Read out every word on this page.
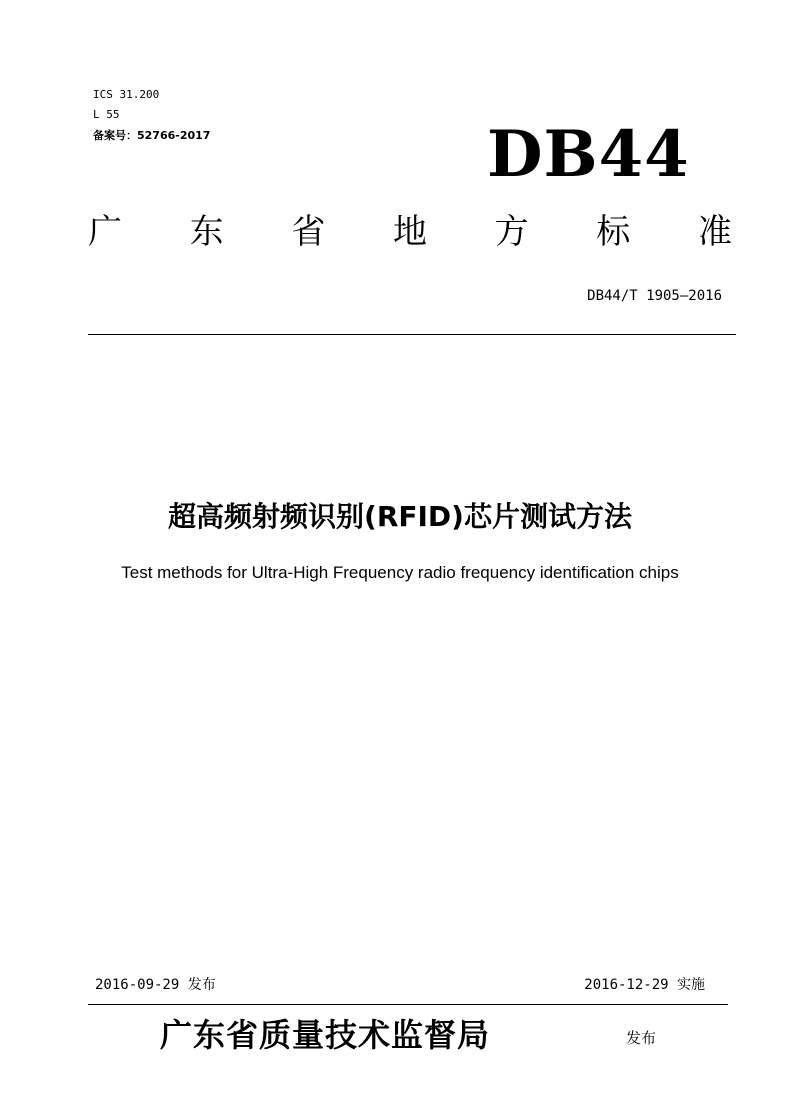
ICS 31.200
L 55
备案号：52766-2017	DB44
广 东 省 地 方 标 准
DB44/T 1905—2016
超高频射频识别(RFID)芯片测试方法
Test methods for Ultra-High Frequency radio frequency identification chips
2016-09-29 发布	2016-12-29 实施
广东省质量技术监督局	发布
